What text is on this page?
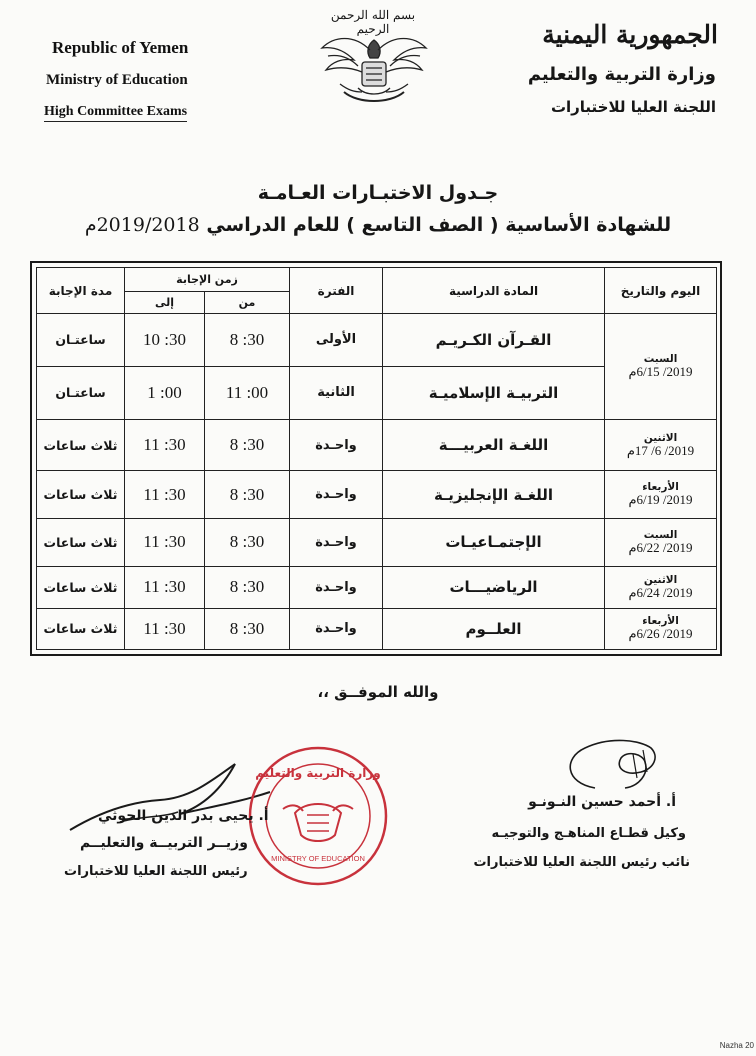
Republic of Yemen
Ministry of Education
High Committee Exams
الجمهورية اليمنية
وزارة التربية والتعليم
اللجنة العليا للاختبارات
بسم الله الرحمن الرحيم
جـدول الاختبـارات العـامـة
للشهادة الأساسية ( الصف التاسع ) للعام الدراسي 2019/2018م
اليوم والتاريخ	المادة الدراسية	الفترة	زمن الإجابة		مدة الإجابة
			من	إلى	
السبت
2019/ 6/15م	القـرآن الكـريـم	الأولى	8 :30	10 :30	ساعتـان
	التربيـة الإسلاميـة	الثانية	11 :00	1 :00	ساعتـان
الاثنين
2019/ 6/ 17م	اللغـة العربيـــة	واحـدة	8 :30	11 :30	ثلاث ساعات
الأربعاء
2019/ 6/19م	اللغـة الإنجليزيـة	واحـدة	8 :30	11 :30	ثلاث ساعات
السبت
2019/ 6/22م	الإجتمـاعيـات	واحـدة	8 :30	11 :30	ثلاث ساعات
الاثنين
2019/ 6/24م	الرياضيـــات	واحـدة	8 :30	11 :30	ثلاث ساعات
الأربعاء
2019/ 6/26م	العلــوم	واحـدة	8 :30	11 :30	ثلاث ساعات
والله الموفــق ،،
وزارة التربية والتعليم
MINISTRY OF EDUCATION
أ. يحيى بدر الدين الحوثي
وزيــر التربيــة والتعليــم
رئيس اللجنة العليا للاختبارات
أ. أحمد حسين النـونـو
وكيل قطـاع المناهـج والتوجيـه
نائب رئيس اللجنة العليا للاختبارات
Nazha 20
